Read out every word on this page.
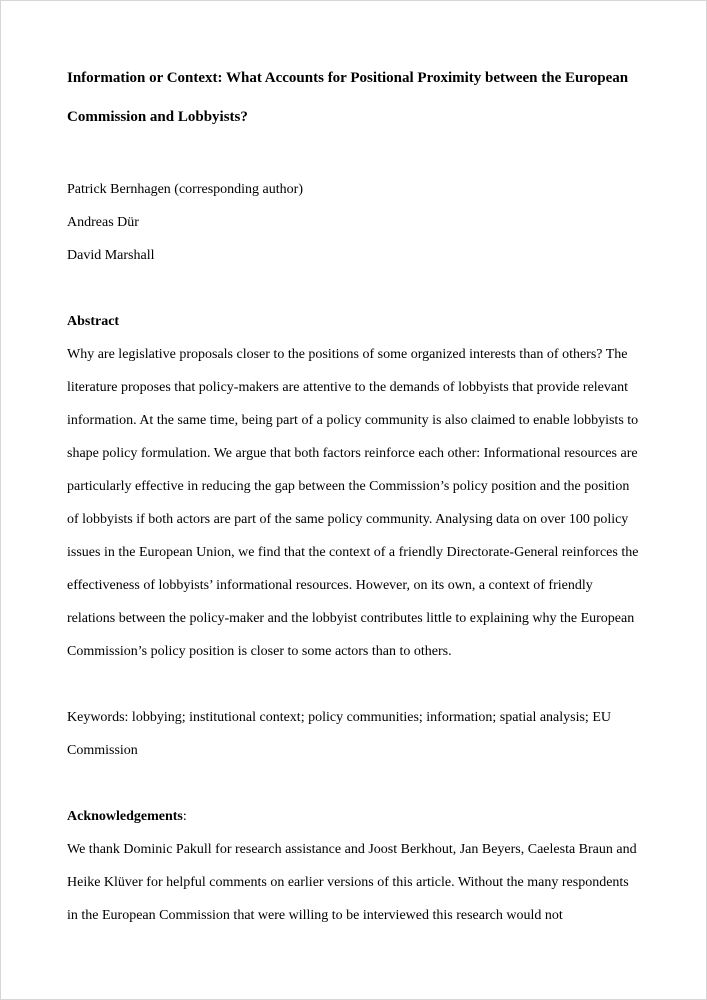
Information or Context: What Accounts for Positional Proximity between the European Commission and Lobbyists?

Patrick Bernhagen (corresponding author)

Andreas Dür

David Marshall

Abstract

Why are legislative proposals closer to the positions of some organized interests than of others? The literature proposes that policy-makers are attentive to the demands of lobbyists that provide relevant information. At the same time, being part of a policy community is also claimed to enable lobbyists to shape policy formulation. We argue that both factors reinforce each other: Informational resources are particularly effective in reducing the gap between the Commission’s policy position and the position of lobbyists if both actors are part of the same policy community. Analysing data on over 100 policy issues in the European Union, we find that the context of a friendly Directorate-General reinforces the effectiveness of lobbyists’ informational resources. However, on its own, a context of friendly relations between the policy-maker and the lobbyist contributes little to explaining why the European Commission’s policy position is closer to some actors than to others.

Keywords: lobbying; institutional context; policy communities; information; spatial analysis; EU Commission

Acknowledgements:

We thank Dominic Pakull for research assistance and Joost Berkhout, Jan Beyers, Caelesta Braun and Heike Klüver for helpful comments on earlier versions of this article. Without the many respondents in the European Commission that were willing to be interviewed this research would not
